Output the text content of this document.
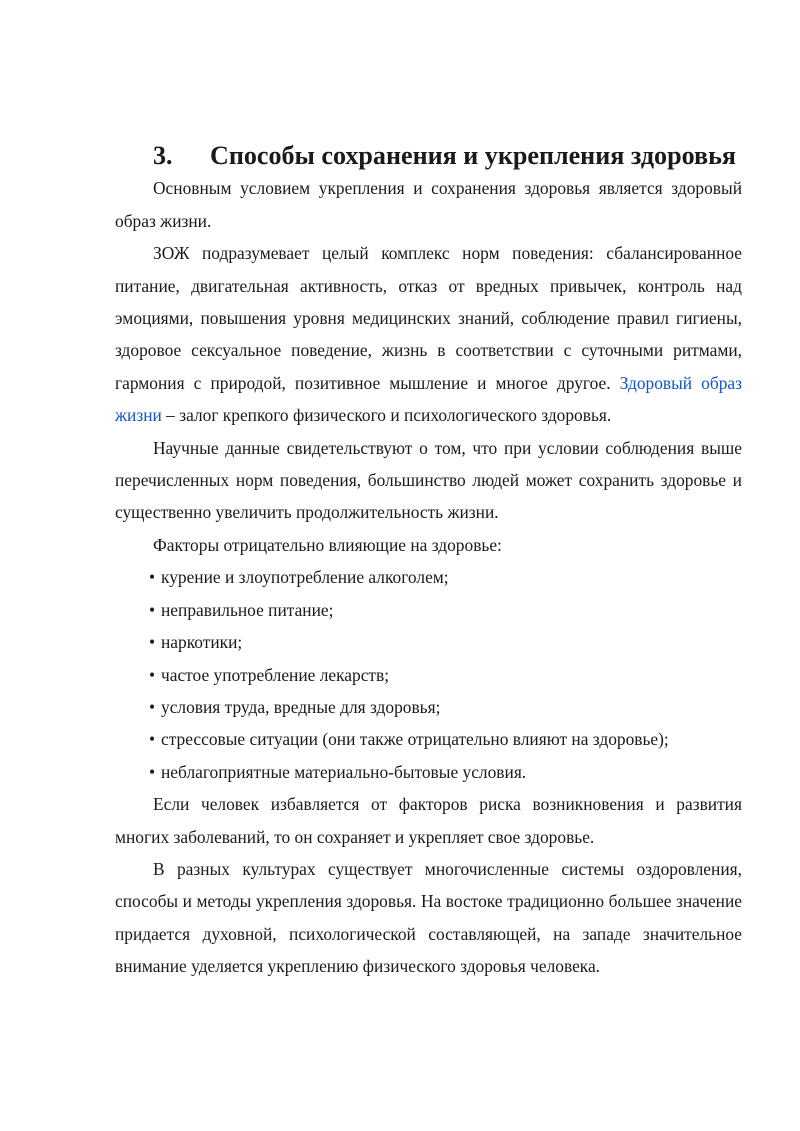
3. Способы сохранения и укрепления здоровья

Основным условием укрепления и сохранения здоровья является здоровый образ жизни.

ЗОЖ подразумевает целый комплекс норм поведения: сбалансированное питание, двигательная активность, отказ от вредных привычек, контроль над эмоциями, повышения уровня медицинских знаний, соблюдение правил гигиены, здоровое сексуальное поведение, жизнь в соответствии с суточными ритмами, гармония с природой, позитивное мышление и многое другое. Здоровый образ жизни – залог крепкого физического и психологического здоровья.

Научные данные свидетельствуют о том, что при условии соблюдения выше перечисленных норм поведения, большинство людей может сохранить здоровье и существенно увеличить продолжительность жизни.

Факторы отрицательно влияющие на здоровье:

• курение и злоупотребление алкоголем;
• неправильное питание;
• наркотики;
• частое употребление лекарств;
• условия труда, вредные для здоровья;
• стрессовые ситуации (они также отрицательно влияют на здоровье);
• неблагоприятные материально-бытовые условия.

Если человек избавляется от факторов риска возникновения и развития многих заболеваний, то он сохраняет и укрепляет свое здоровье.

В разных культурах существует многочисленные системы оздоровления, способы и методы укрепления здоровья. На востоке традиционно большее значение придается духовной, психологической составляющей, на западе значительное внимание уделяется укреплению физического здоровья человека.
